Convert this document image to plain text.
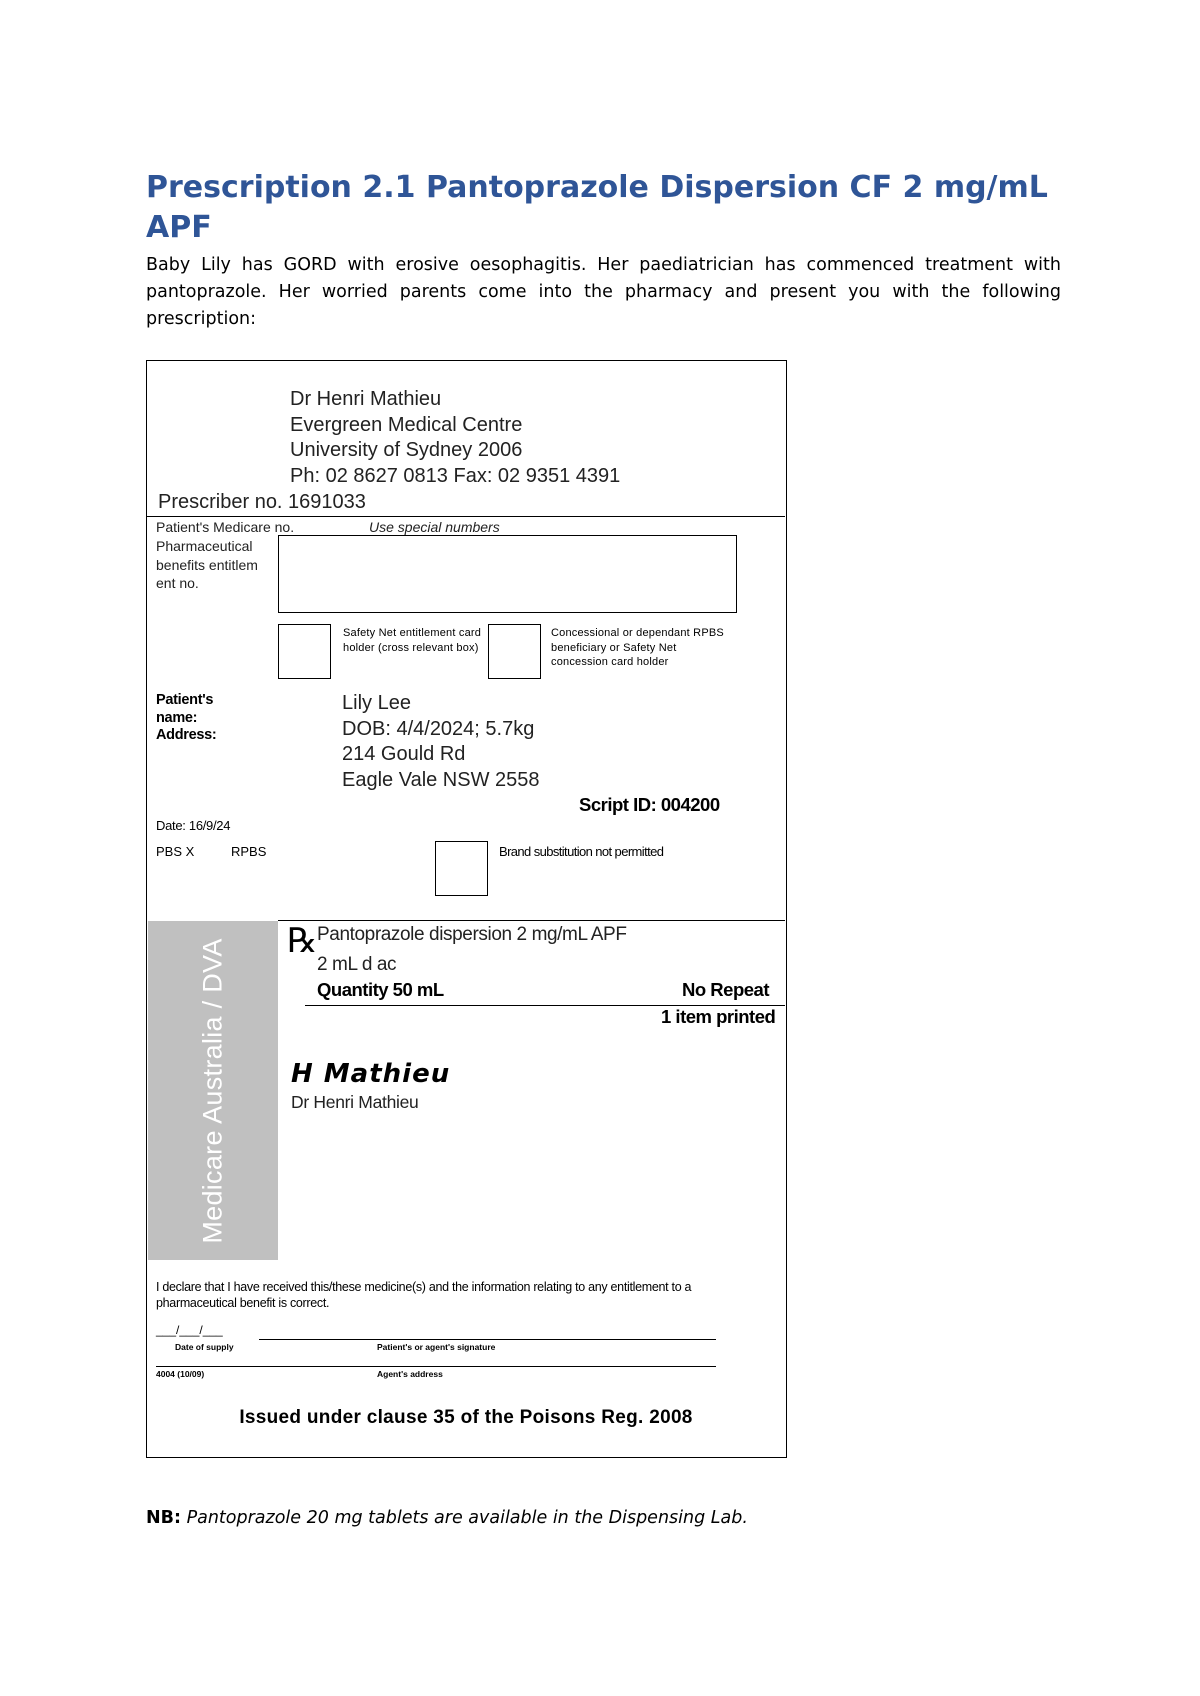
Prescription 2.1 Pantoprazole Dispersion CF 2 mg/mL APF
Baby Lily has GORD with erosive oesophagitis. Her paediatrician has commenced treatment with pantoprazole. Her worried parents come into the pharmacy and present you with the following prescription:
Dr Henri Mathieu
Evergreen Medical Centre
University of Sydney 2006
Ph: 02 8627 0813 Fax: 02 9351 4391
Prescriber no. 1691033
Patient's Medicare no.	Use special numbers
Pharmaceutical benefits entitlement no.
Safety Net entitlement card holder (cross relevant box)
Concessional or dependant RPBS beneficiary or Safety Net concession card holder
Patient's name:
Address:
Lily Lee
DOB: 4/4/2024; 5.7kg
214 Gould Rd
Eagle Vale NSW 2558
Script ID: 004200
Date: 16/9/24
PBS X	RPBS	Brand substitution not permitted
Medicare Australia / DVA ℞ Pantoprazole dispersion 2 mg/mL APF
2 mL d ac
Quantity 50 mL	No Repeat
1 item printed
H Mathieu
Dr Henri Mathieu
I declare that I have received this/these medicine(s) and the information relating to any entitlement to a pharmaceutical benefit is correct.
___/___/___
Date of supply	Patient's or agent's signature
4004 (10/09)	Agent's address
Issued under clause 35 of the Poisons Reg. 2008
NB: Pantoprazole 20 mg tablets are available in the Dispensing Lab.
